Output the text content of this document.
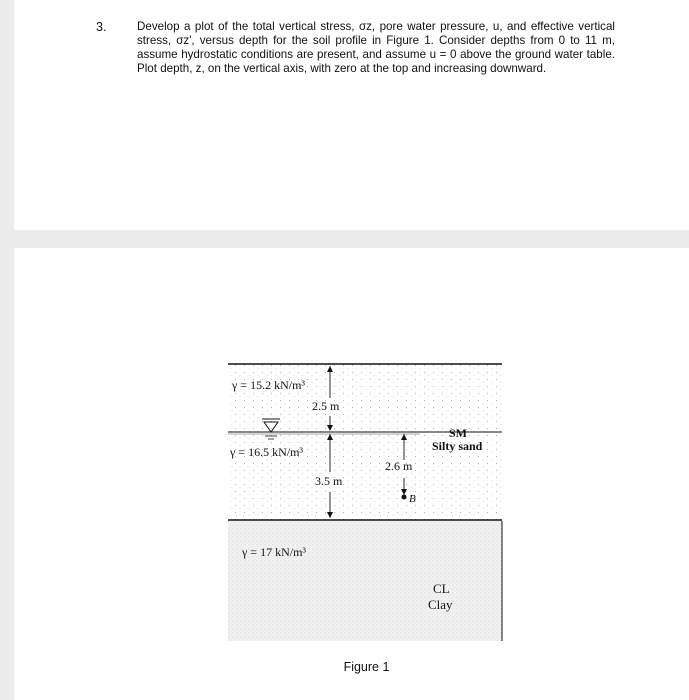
3.	Develop a plot of the total vertical stress, σz, pore water pressure, u, and effective vertical stress, σz', versus depth for the soil profile in Figure 1. Consider depths from 0 to 11 m, assume hydrostatic conditions are present, and assume u = 0 above the ground water table. Plot depth, z, on the vertical axis, with zero at the top and increasing downward.
γ = 15.2 kN/m³
2.5 m
γ = 16.5 kN/m³
2.6 m
3.5 m
B
SM
Silty sand
γ = 17 kN/m³
CL
Clay
Figure 1
